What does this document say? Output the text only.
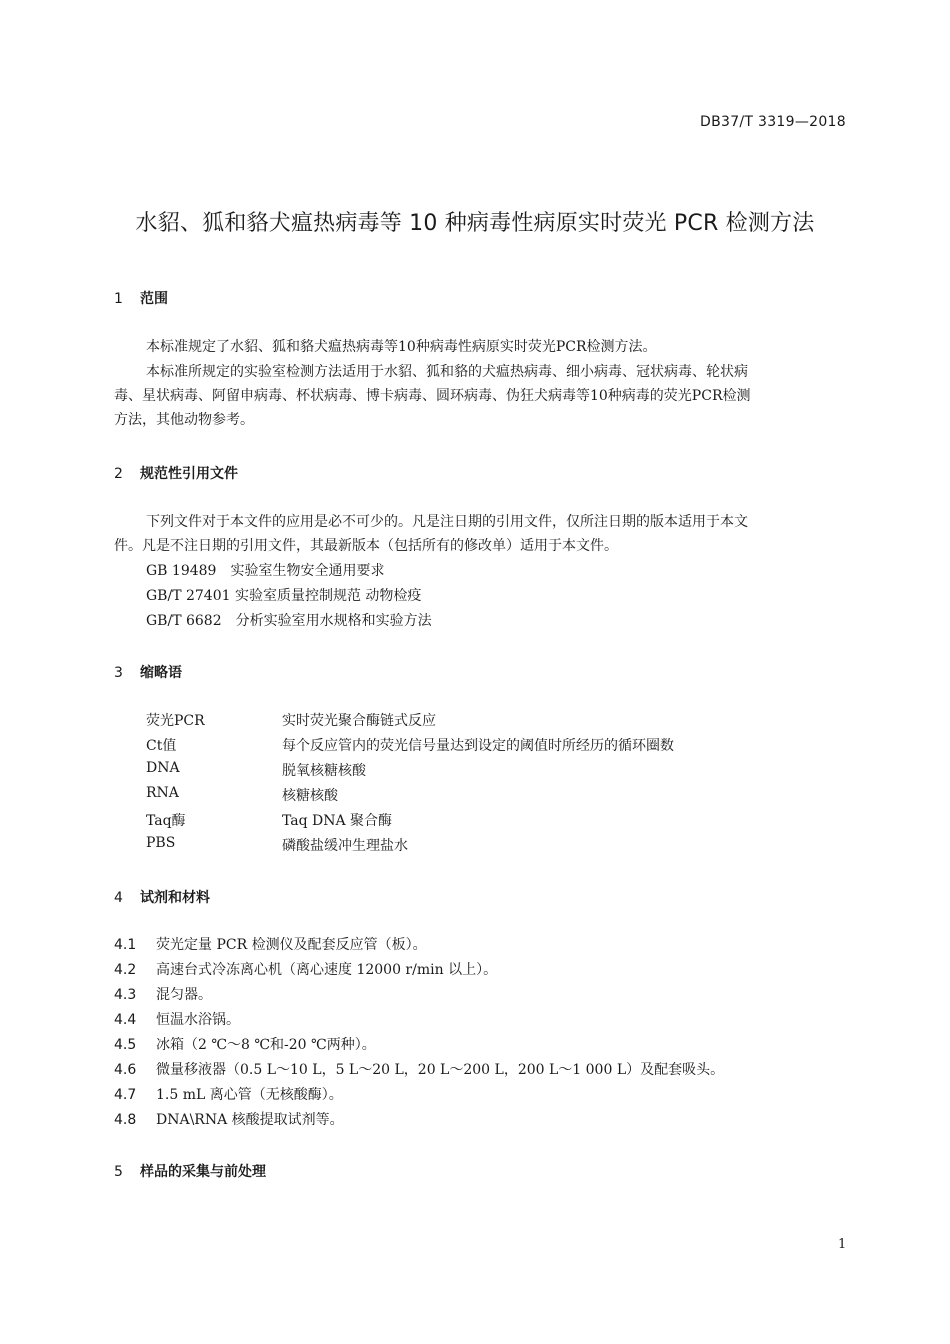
DB37/T 3319—2018
水貂、狐和貉犬瘟热病毒等 10 种病毒性病原实时荧光 PCR 检测方法
1 范围
本标准规定了水貂、狐和貉犬瘟热病毒等10种病毒性病原实时荧光PCR检测方法。
本标准所规定的实验室检测方法适用于水貂、狐和貉的犬瘟热病毒、细小病毒、冠状病毒、轮状病
毒、星状病毒、阿留申病毒、杯状病毒、博卡病毒、圆环病毒、伪狂犬病毒等10种病毒的荧光PCR检测
方法，其他动物参考。
2 规范性引用文件
下列文件对于本文件的应用是必不可少的。凡是注日期的引用文件，仅所注日期的版本适用于本文
件。凡是不注日期的引用文件，其最新版本（包括所有的修改单）适用于本文件。
GB 19489　实验室生物安全通用要求
GB/T 27401 实验室质量控制规范 动物检疫
GB/T 6682　分析实验室用水规格和实验方法
3 缩略语
荧光PCR	实时荧光聚合酶链式反应
Ct值	每个反应管内的荧光信号量达到设定的阈值时所经历的循环圈数
DNA	脱氧核糖核酸
RNA	核糖核酸
Taq酶	Taq DNA 聚合酶
PBS	磷酸盐缓冲生理盐水
4 试剂和材料
4.1 荧光定量 PCR 检测仪及配套反应管（板）。
4.2 高速台式冷冻离心机（离心速度 12000 r/min 以上）。
4.3 混匀器。
4.4 恒温水浴锅。
4.5 冰箱（2 ℃～8 ℃和-20 ℃两种）。
4.6 微量移液器（0.5 L～10 L，5 L～20 L，20 L～200 L，200 L～1 000 L）及配套吸头。
4.7 1.5 mL 离心管（无核酸酶）。
4.8 DNA\RNA 核酸提取试剂等。
5 样品的采集与前处理
1
